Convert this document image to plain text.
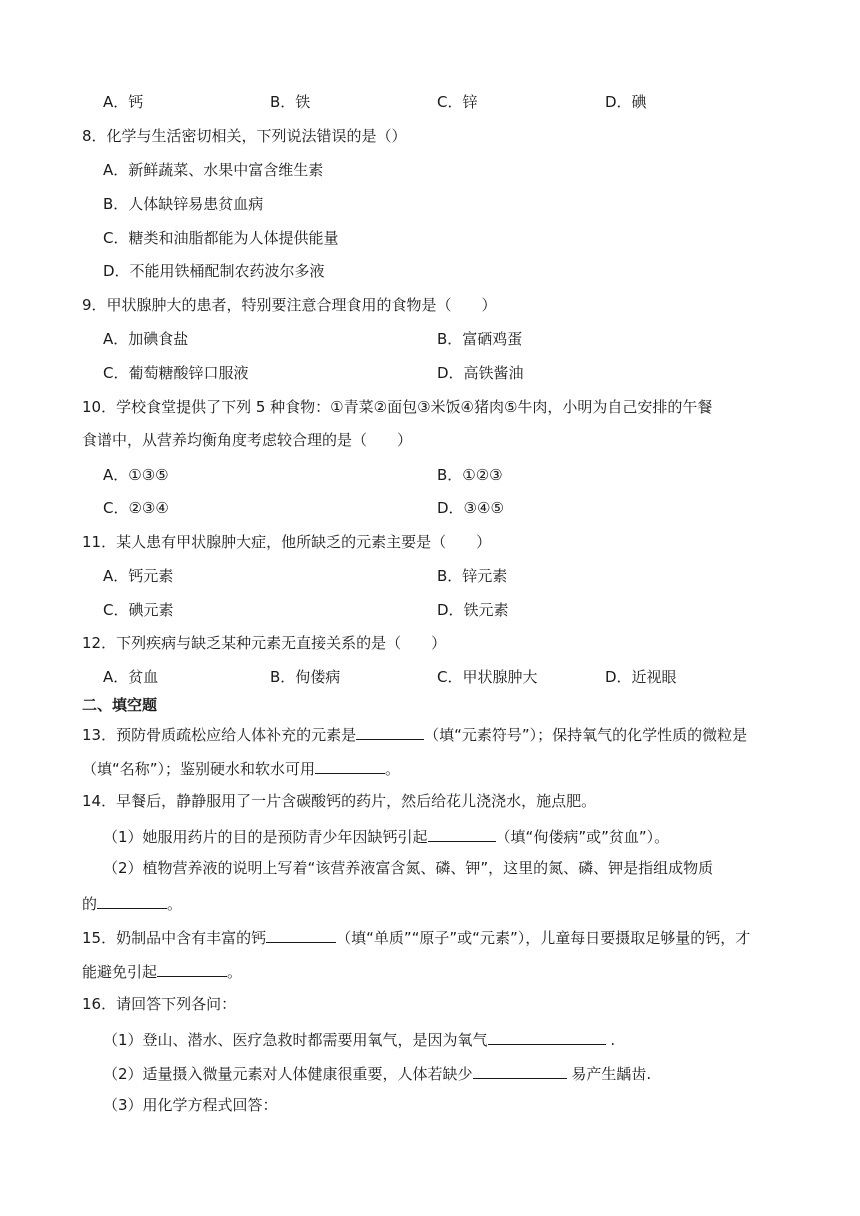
A．钙	B．铁	C．锌	D．碘
8．化学与生活密切相关，下列说法错误的是（）
A．新鲜蔬菜、水果中富含维生素
B．人体缺锌易患贫血病
C．糖类和油脂都能为人体提供能量
D．不能用铁桶配制农药波尔多液
9．甲状腺肿大的患者，特别要注意合理食用的食物是（　　）
A．加碘食盐	B．富硒鸡蛋
C．葡萄糖酸锌口服液	D．高铁酱油
10．学校食堂提供了下列 5 种食物：①青菜②面包③米饭④猪肉⑤牛肉，小明为自己安排的午餐
食谱中，从营养均衡角度考虑较合理的是（　　）
A．①③⑤	B．①②③
C．②③④	D．③④⑤
11．某人患有甲状腺肿大症，他所缺乏的元素主要是（　　）
A．钙元素	B．锌元素
C．碘元素	D．铁元素
12．下列疾病与缺乏某种元素无直接关系的是（　　）
A．贫血	B．佝偻病	C．甲状腺肿大	D．近视眼
二、填空题
13．预防骨质疏松应给人体补充的元素是	（填“元素符号”）；保持氧气的化学性质的微粒是
（填“名称”）；鉴别硬水和软水可用	。
14．早餐后，静静服用了一片含碳酸钙的药片，然后给花儿浇浇水，施点肥。
（1）她服用药片的目的是预防青少年因缺钙引起	（填“佝偻病”或”贫血”）。
（2）植物营养液的说明上写着“该营养液富含氮、磷、钾”，这里的氮、磷、钾是指组成物质
的	。
15．奶制品中含有丰富的钙	（填“单质”“原子”或“元素”），儿童每日要摄取足够量的钙，才
能避免引起	。
16．请回答下列各问：
（1）登山、潜水、医疗急救时都需要用氧气，是因为氧气	.
（2）适量摄入微量元素对人体健康很重要，人体若缺少	易产生龋齿.
（3）用化学方程式回答：
